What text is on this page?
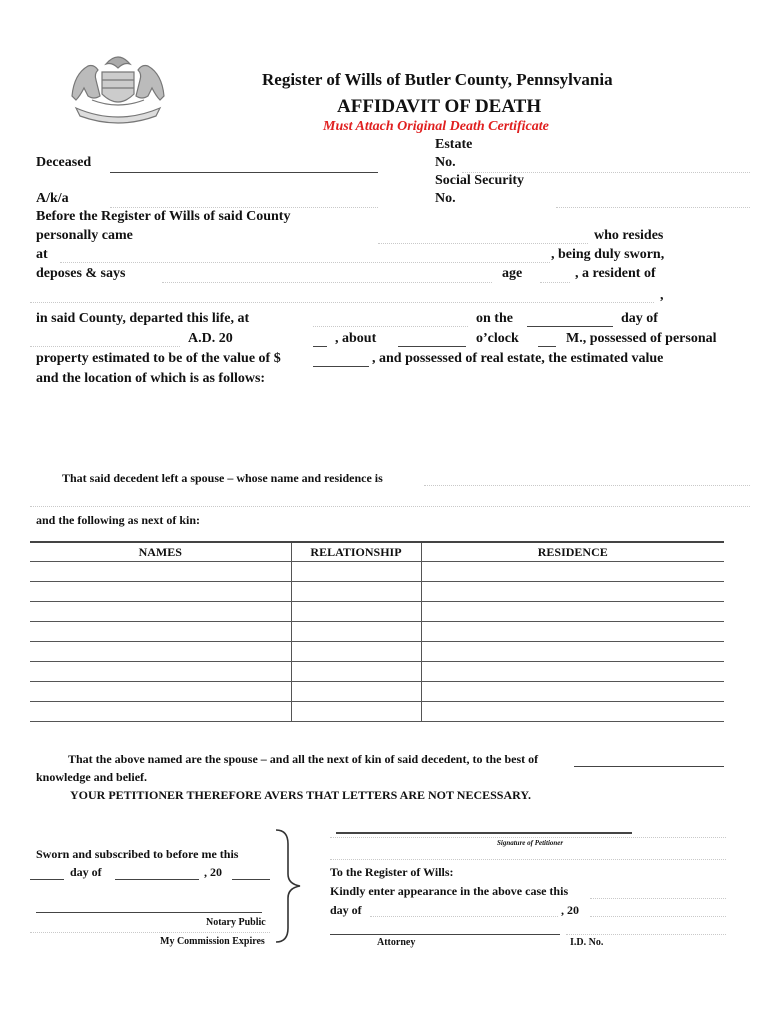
Register of Wills of Butler County, Pennsylvania
AFFIDAVIT OF DEATH
Must Attach Original Death Certificate
Deceased
Estate
No.
Social Security
No.
A/k/a
Before the Register of Wills of said County
personally came	who resides
at	, being duly sworn,
deposes & says	age	, a resident of
,
in said County, departed this life, at	on the	day of
A.D. 20	, about	o’clock	M., possessed of personal
property estimated to be of the value of $	, and possessed of real estate, the estimated value
and the location of which is as follows:
That said decedent left a spouse – whose name and residence is
and the following as next of kin:
NAMES	RELATIONSHIP	RESIDENCE

That the above named are the spouse – and all the next of kin of said decedent, to the best of
knowledge and belief.
YOUR PETITIONER THEREFORE AVERS THAT LETTERS ARE NOT NECESSARY.
Signature of Petitioner
Sworn and subscribed to before me this
day of	, 20
Notary Public
My Commission Expires
To the Register of Wills:
Kindly enter appearance in the above case this
day of	, 20
Attorney	I.D. No.
